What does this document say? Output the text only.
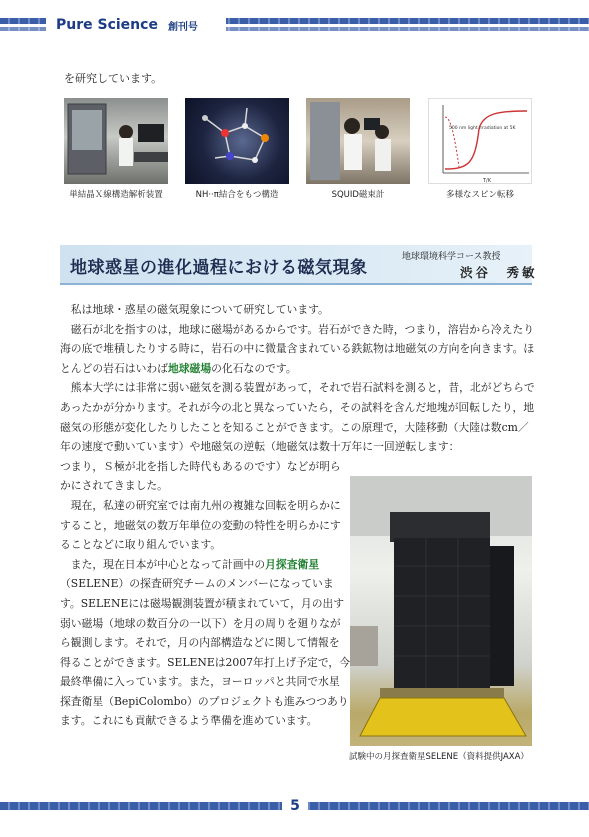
Pure Science 創刊号
を研究しています。
単結晶Ｘ線構造解析装置	NH··π結合をもつ構造	SQUID磁束計
500 nm light irradiation at 5K
T/K
多様なスピン転移
地球惑星の進化過程における磁気現象
地球環境科学コース教授
渋谷　秀敏

私は地球・惑星の磁気現象について研究しています。

磁石が北を指すのは，地球に磁場があるからです。岩石ができた時，つまり，溶岩から冷えたり海の底で堆積したりする時に，岩石の中に微量含まれている鉄鉱物は地磁気の方向を向きます。ほとんどの岩石はいわば地球磁場の化石なのです。

熊本大学には非常に弱い磁気を測る装置があって，それで岩石試料を測ると，昔，北がどちらであったかが分かります。それが今の北と異なっていたら，その試料を含んだ地塊が回転したり，地磁気の形態が変化したりしたことを知ることができます。この原理で，大陸移動（大陸は数cm／年の速度で動いています）や地磁気の逆転（地磁気は数十万年に一回逆転します：

つまり，Ｓ極が北を指した時代もあるのです）などが明らかにされてきました。

現在，私達の研究室では南九州の複雑な回転を明らかにすること，地磁気の数万年単位の変動の特性を明らかにすることなどに取り組んでいます。

また，現在日本が中心となって計画中の月探査衛星（SELENE）の探査研究チームのメンバーになっています。SELENEには磁場観測装置が積まれていて，月の出す弱い磁場（地球の数百分の一以下）を月の周りを廻りながら観測します。それで，月の内部構造などに関して情報を得ることができます。SELENEは2007年打上げ予定で，今最終準備に入っています。また，ヨーロッパと共同で水星探査衛星（BepiColombo）のプロジェクトも進みつつあります。これにも貢献できるよう準備を進めています。

試験中の月探査衛星SELENE（資料提供JAXA）
5
